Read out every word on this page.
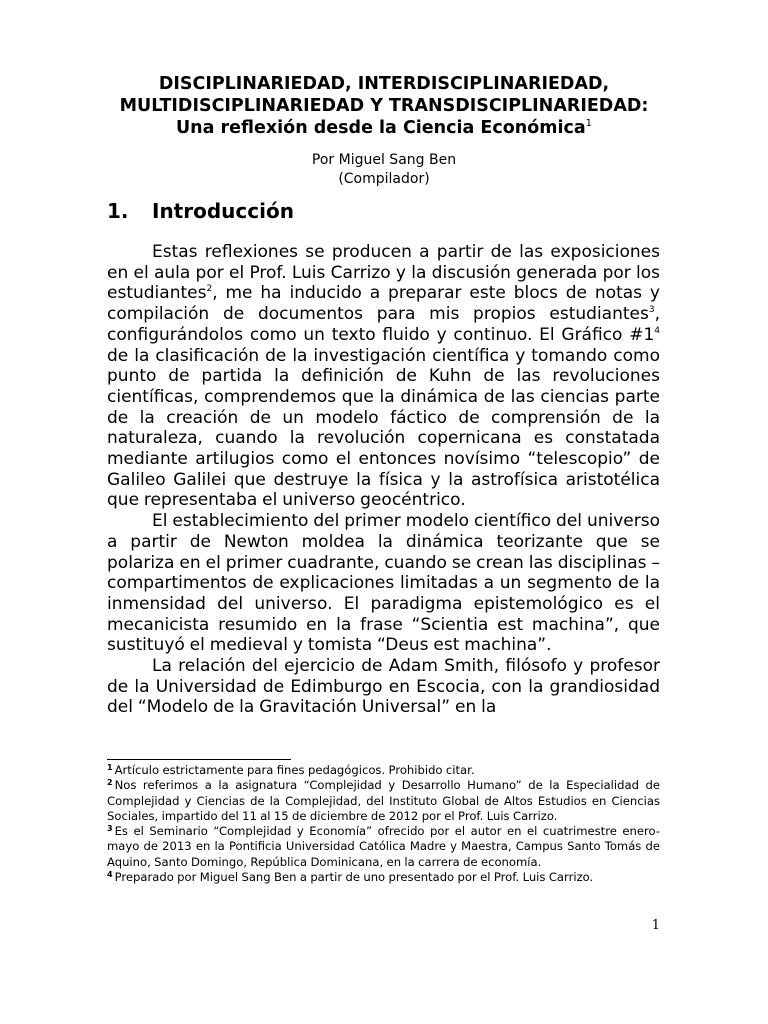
DISCIPLINARIEDAD, INTERDISCIPLINARIEDAD,
MULTIDISCIPLINARIEDAD Y TRANSDISCIPLINARIEDAD:
Una reflexión desde la Ciencia Económica$^1$
Por Miguel Sang Ben
(Compilador)
1. Introducción

Estas reflexiones se producen a partir de las exposiciones en el aula por el Prof. Luis Carrizo y la discusión generada por los estudiantes$^2$, me ha inducido a preparar este blocs de notas y compilación de documentos para mis propios estudiantes$^3$, configurándolos como un texto fluido y continuo. El Gráfico $\#1^4$ de la clasificación de la investigación científica y tomando como punto de partida la definición de Kuhn de las revoluciones científicas, comprendemos que la dinámica de las ciencias parte de la creación de un modelo fáctico de comprensión de la naturaleza, cuando la revolución copernicana es constatada mediante artilugios como el entonces novísimo “telescopio” de Galileo Galilei que destruye la física y la astrofísica aristotélica que representaba el universo geocéntrico.

El establecimiento del primer modelo científico del universo a partir de Newton moldea la dinámica teorizante que se polariza en el primer cuadrante, cuando se crean las disciplinas –compartimentos de explicaciones limitadas a un segmento de la inmensidad del universo. El paradigma epistemológico es el mecanicista resumido en la frase “Scientia est machina”, que sustituyó el medieval y tomista “Deus est machina”.

La relación del ejercicio de Adam Smith, filósofo y profesor de la Universidad de Edimburgo en Escocia, con la grandiosidad del “Modelo de la Gravitación Universal” en la

$^1$ Artículo estrictamente para fines pedagógicos. Prohibido citar.

$^2$ Nos referimos a la asignatura “Complejidad y Desarrollo Humano” de la Especialidad de Complejidad y Ciencias de la Complejidad, del Instituto Global de Altos Estudios en Ciencias Sociales, impartido del 11 al 15 de diciembre de 2012 por el Prof. Luis Carrizo.

$^3$ Es el Seminario “Complejidad y Economía” ofrecido por el autor en el cuatrimestre enero-mayo de 2013 en la Pontificia Universidad Católica Madre y Maestra, Campus Santo Tomás de Aquino, Santo Domingo, República Dominicana, en la carrera de economía.

$^4$ Preparado por Miguel Sang Ben a partir de uno presentado por el Prof. Luis Carrizo.

1
